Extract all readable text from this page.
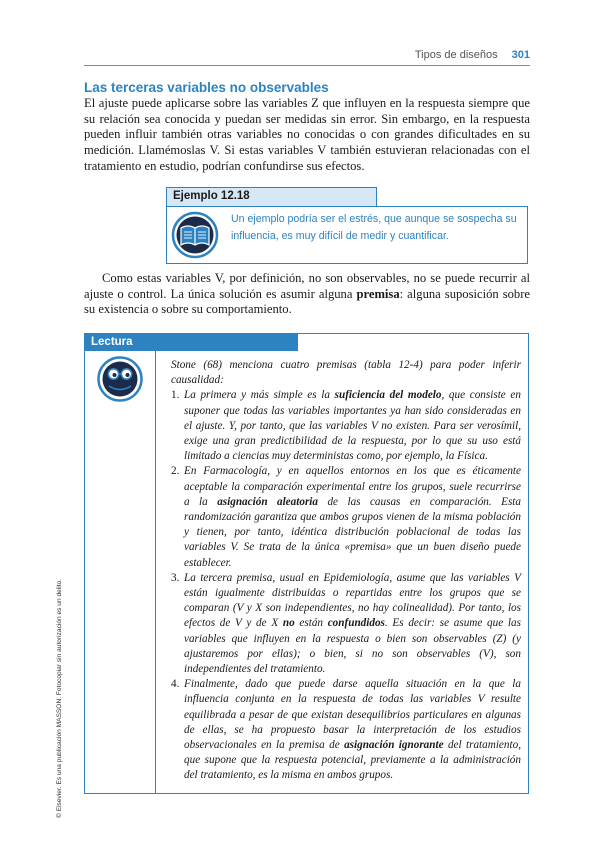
Tipos de diseños 301
Las terceras variables no observables

El ajuste puede aplicarse sobre las variables Z que influyen en la respuesta siempre que su relación sea conocida y puedan ser medidas sin error. Sin embargo, en la respuesta pueden influir también otras variables no conocidas o con grandes dificultades en su medición. Llamémoslas V. Si estas variables V también estuvieran relacionadas con el tratamiento en estudio, podrían confundirse sus efectos.

Ejemplo 12.18

Un ejemplo podría ser el estrés, que aunque se sospecha su influencia, es muy difícil de medir y cuantificar.

Como estas variables V, por definición, no son observables, no se puede recurrir al ajuste o control. La única solución es asumir alguna premisa: alguna suposición sobre su existencia o sobre su comportamiento.

Lectura

Stone (68) menciona cuatro premisas (tabla 12-4) para poder inferir causalidad:

1. La primera y más simple es la suficiencia del modelo, que consiste en suponer que todas las variables importantes ya han sido consideradas en el ajuste. Y, por tanto, que las variables V no existen. Para ser verosímil, exige una gran predictibilidad de la respuesta, por lo que su uso está limitado a ciencias muy deterministas como, por ejemplo, la Física.
2. En Farmacología, y en aquellos entornos en los que es éticamente aceptable la comparación experimental entre los grupos, suele recurrirse a la asignación aleatoria de las causas en comparación. Esta randomización garantiza que ambos grupos vienen de la misma población y tienen, por tanto, idéntica distribución poblacional de todas las variables V. Se trata de la única «premisa» que un buen diseño puede establecer.
3. La tercera premisa, usual en Epidemiología, asume que las variables V están igualmente distribuidas o repartidas entre los grupos que se comparan (V y X son independientes, no hay colinealidad). Por tanto, los efectos de V y de X no están confundidos. Es decir: se asume que las variables que influyen en la respuesta o bien son observables (Z) (y ajustaremos por ellas); o bien, si no son observables (V), son independientes del tratamiento.
4. Finalmente, dado que puede darse aquella situación en la que la influencia conjunta en la respuesta de todas las variables V resulte equilibrada a pesar de que existan desequilibrios particulares en algunas de ellas, se ha propuesto basar la interpretación de los estudios observacionales en la premisa de asignación ignorante del tratamiento, que supone que la respuesta potencial, previamente a la administración del tratamiento, es la misma en ambos grupos.
© Elsevier. Es una publicación MASSON. Fotocopiar sin autorización es un delito.
